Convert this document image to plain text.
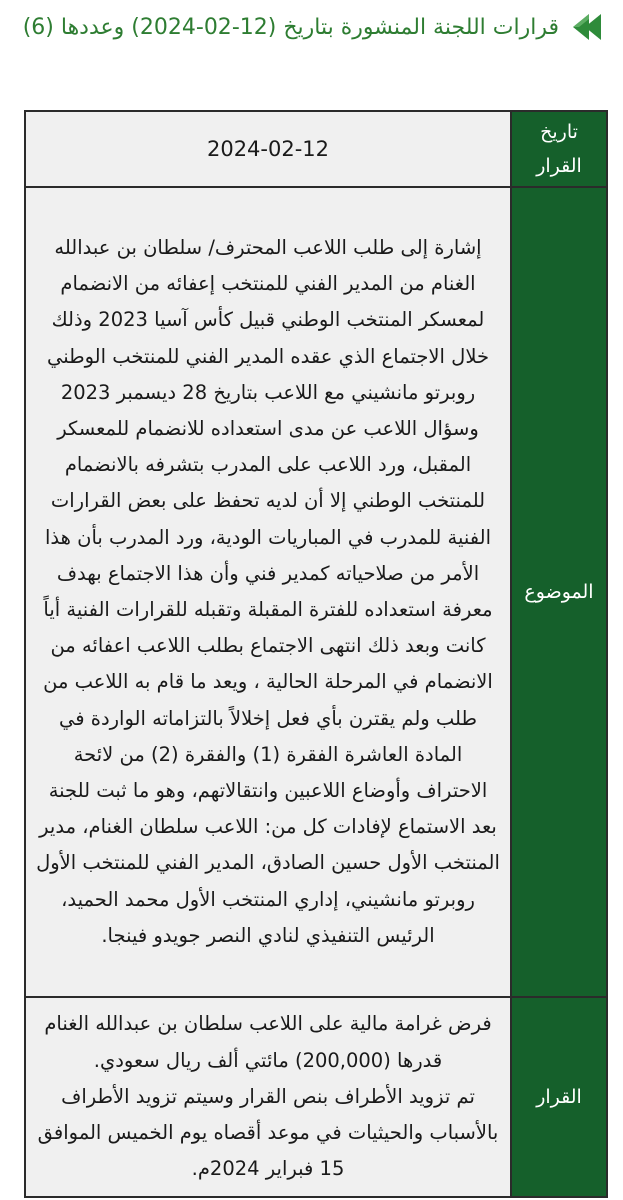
قرارات اللجنة المنشورة بتاريخ (12-02-2024) وعددها (6)
تاريخ القرار	2024-02-12
الموضوع	إشارة إلى طلب اللاعب المحترف/ سلطان بن عبدالله الغنام من المدير الفني للمنتخب إعفائه من الانضمام لمعسكر المنتخب الوطني قبيل كأس آسيا 2023 وذلك خلال الاجتماع الذي عقده المدير الفني للمنتخب الوطني روبرتو مانشيني مع اللاعب بتاريخ 28 ديسمبر 2023 وسؤال اللاعب عن مدى استعداده للانضمام للمعسكر المقبل، ورد اللاعب على المدرب بتشرفه بالانضمام للمنتخب الوطني إلا أن لديه تحفظ على بعض القرارات الفنية للمدرب في المباريات الودية، ورد المدرب بأن هذا الأمر من صلاحياته كمدير فني وأن هذا الاجتماع بهدف معرفة استعداده للفترة المقبلة وتقبله للقرارات الفنية أياً كانت وبعد ذلك انتهى الاجتماع بطلب اللاعب اعفائه من الانضمام في المرحلة الحالية ، ويعد ما قام به اللاعب من طلب ولم يقترن بأي فعل إخلالاً بالتزاماته الواردة في المادة العاشرة الفقرة (1) والفقرة (2) من لائحة الاحتراف وأوضاع اللاعبين وانتقالاتهم، وهو ما ثبت للجنة بعد الاستماع لإفادات كل من: اللاعب سلطان الغنام، مدير المنتخب الأول حسين الصادق، المدير الفني للمنتخب الأول روبرتو مانشيني، إداري المنتخب الأول محمد الحميد، الرئيس التنفيذي لنادي النصر جويدو فينجا.
القرار	فرض غرامة مالية على اللاعب سلطان بن عبدالله الغنام قدرها (200,000) مائتي ألف ريال سعودي.
تم تزويد الأطراف بنص القرار وسيتم تزويد الأطراف بالأسباب والحيثيات في موعد أقصاه يوم الخميس الموافق 15 فبراير 2024م.
